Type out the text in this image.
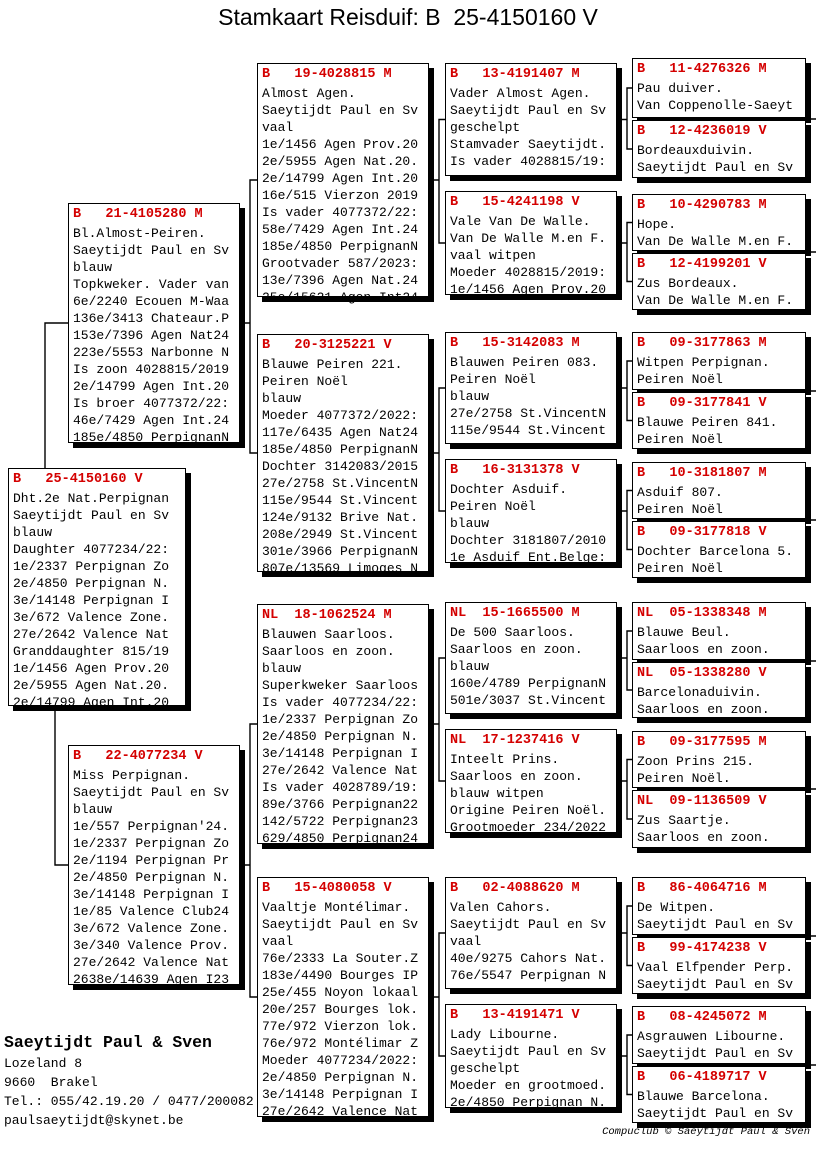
Stamkaart Reisduif: B  25-4150160 V
B   25-4150160 V
Dht.2e Nat.Perpignan
Saeytijdt Paul en Sv
blauw
Daughter 4077234/22:
1e/2337 Perpignan Zo
2e/4850 Perpignan N.
3e/14148 Perpignan I
3e/672 Valence Zone.
27e/2642 Valence Nat
Granddaughter 815/19
1e/1456 Agen Prov.20
2e/5955 Agen Nat.20.
2e/14799 Agen Int.20
B   21-4105280 M
Bl.Almost-Peiren.
Saeytijdt Paul en Sv
blauw
Topkweker. Vader van
6e/2240 Ecouen M-Waa
136e/3413 Chateaur.P
153e/7396 Agen Nat24
223e/5553 Narbonne N
Is zoon 4028815/2019
2e/14799 Agen Int.20
Is broer 4077372/22:
46e/7429 Agen Int.24
185e/4850 PerpignanN
B   22-4077234 V
Miss Perpignan.
Saeytijdt Paul en Sv
blauw
1e/557 Perpignan'24.
1e/2337 Perpignan Zo
2e/1194 Perpignan Pr
2e/4850 Perpignan N.
3e/14148 Perpignan I
1e/85 Valence Club24
3e/672 Valence Zone.
3e/340 Valence Prov.
27e/2642 Valence Nat
2638e/14639 Agen I23
B   19-4028815 M
Almost Agen.
Saeytijdt Paul en Sv
vaal
1e/1456 Agen Prov.20
2e/5955 Agen Nat.20.
2e/14799 Agen Int.20
16e/515 Vierzon 2019
Is vader 4077372/22:
58e/7429 Agen Int.24
185e/4850 PerpignanN
Grootvader 587/2023:
13e/7396 Agen Nat.24
25e/15621 Agen Int24
B   20-3125221 V
Blauwe Peiren 221.
Peiren Noël
blauw
Moeder 4077372/2022:
117e/6435 Agen Nat24
185e/4850 PerpignanN
Dochter 3142083/2015
27e/2758 St.VincentN
115e/9544 St.Vincent
124e/9132 Brive Nat.
208e/2949 St.Vincent
301e/3966 PerpignanN
807e/13569 Limoges N
NL  18-1062524 M
Blauwen Saarloos.
Saarloos en zoon.
blauw
Superkweker Saarloos
Is vader 4077234/22:
1e/2337 Perpignan Zo
2e/4850 Perpignan N.
3e/14148 Perpignan I
27e/2642 Valence Nat
Is vader 4028789/19:
89e/3766 Perpignan22
142/5722 Perpignan23
629/4850 Perpignan24
B   15-4080058 V
Vaaltje Montélimar.
Saeytijdt Paul en Sv
vaal
76e/2333 La Souter.Z
183e/4490 Bourges IP
25e/455 Noyon lokaal
20e/257 Bourges lok.
77e/972 Vierzon lok.
76e/972 Montélimar Z
Moeder 4077234/2022:
2e/4850 Perpignan N.
3e/14148 Perpignan I
27e/2642 Valence Nat
B   13-4191407 M
Vader Almost Agen.
Saeytijdt Paul en Sv
geschelpt
Stamvader Saeytijdt.
Is vader 4028815/19:
B   15-4241198 V
Vale Van De Walle.
Van De Walle M.en F.
vaal witpen
Moeder 4028815/2019:
1e/1456 Agen Prov.20
B   15-3142083 M
Blauwen Peiren 083.
Peiren Noël
blauw
27e/2758 St.VincentN
115e/9544 St.Vincent
B   16-3131378 V
Dochter Asduif.
Peiren Noël
blauw
Dochter 3181807/2010
1e Asduif Ent.Belge:
NL  15-1665500 M
De 500 Saarloos.
Saarloos en zoon.
blauw
160e/4789 PerpignanN
501e/3037 St.Vincent
NL  17-1237416 V
Inteelt Prins.
Saarloos en zoon.
blauw witpen
Origine Peiren Noël.
Grootmoeder 234/2022
B   02-4088620 M
Valen Cahors.
Saeytijdt Paul en Sv
vaal
40e/9275 Cahors Nat.
76e/5547 Perpignan N
B   13-4191471 V
Lady Libourne.
Saeytijdt Paul en Sv
geschelpt
Moeder en grootmoed.
2e/4850 Perpignan N.
B   11-4276326 M
Pau duiver.
Van Coppenolle-Saeyt
B   12-4236019 V
Bordeauxduivin.
Saeytijdt Paul en Sv
B   10-4290783 M
Hope.
Van De Walle M.en F.
B   12-4199201 V
Zus Bordeaux.
Van De Walle M.en F.
B   09-3177863 M
Witpen Perpignan.
Peiren Noël
B   09-3177841 V
Blauwe Peiren 841.
Peiren Noël
B   10-3181807 M
Asduif 807.
Peiren Noël
B   09-3177818 V
Dochter Barcelona 5.
Peiren Noël
NL  05-1338348 M
Blauwe Beul.
Saarloos en zoon.
NL  05-1338280 V
Barcelonaduivin.
Saarloos en zoon.
B   09-3177595 M
Zoon Prins 215.
Peiren Noël.
NL  09-1136509 V
Zus Saartje.
Saarloos en zoon.
B   86-4064716 M
De Witpen.
Saeytijdt Paul en Sv
B   99-4174238 V
Vaal Elfpender Perp.
Saeytijdt Paul en Sv
B   08-4245072 M
Asgrauwen Libourne.
Saeytijdt Paul en Sv
B   06-4189717 V
Blauwe Barcelona.
Saeytijdt Paul en Sv
Saeytijdt Paul & Sven
Lozeland 8
9660  Brakel
Tel.: 055/42.19.20 / 0477/200082
paulsaeytijdt@skynet.be
Compuclub © Saeytijdt Paul & Sven
